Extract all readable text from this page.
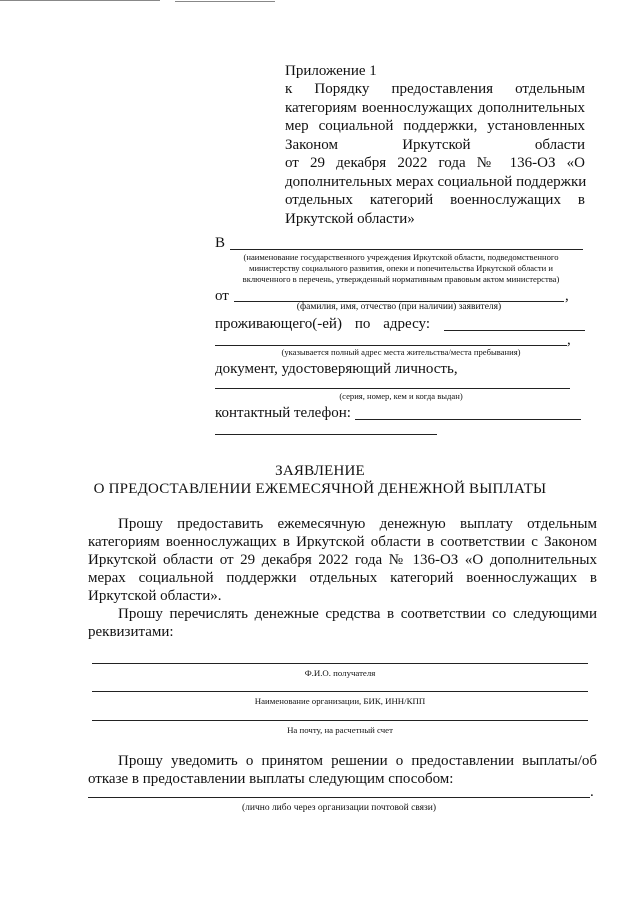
Приложение 1
к Порядку предоставления отдельным
категориям военнослужащих дополнительных
мер социальной поддержки, установленных
Законом Иркутской области
от 29 декабря 2022 года № 136-ОЗ «О
дополнительных мерах социальной поддержки
отдельных категорий военнослужащих в
Иркутской области»
В
(наименование государственного учреждения Иркутской области, подведомственного
министерству социального развития, опеки и попечительства Иркутской области и
включенного в перечень, утвержденный нормативным правовым актом министерства)
от	,
(фамилия, имя, отчество (при наличии) заявителя)
проживающего(-ей) по адресу:
,
(указывается полный адрес места жительства/места пребывания)
документ, удостоверяющий личность,
(серия, номер, кем и когда выдан)
контактный телефон:
ЗАЯВЛЕНИЕ
О ПРЕДОСТАВЛЕНИИ ЕЖЕМЕСЯЧНОЙ ДЕНЕЖНОЙ ВЫПЛАТЫ
Прошу предоставить ежемесячную денежную выплату отдельным
категориям военнослужащих в Иркутской области в соответствии с Законом
Иркутской области от 29 декабря 2022 года № 136-ОЗ «О дополнительных
мерах социальной поддержки отдельных категорий военнослужащих в
Иркутской области».
Прошу перечислять денежные средства в соответствии со следующими
реквизитами:
Ф.И.О. получателя
Наименование организации, БИК, ИНН/КПП
На почту, на расчетный счет
Прошу уведомить о принятом решении о предоставлении выплаты/об
отказе в предоставлении выплаты следующим способом:
.
(лично либо через организации почтовой связи)
